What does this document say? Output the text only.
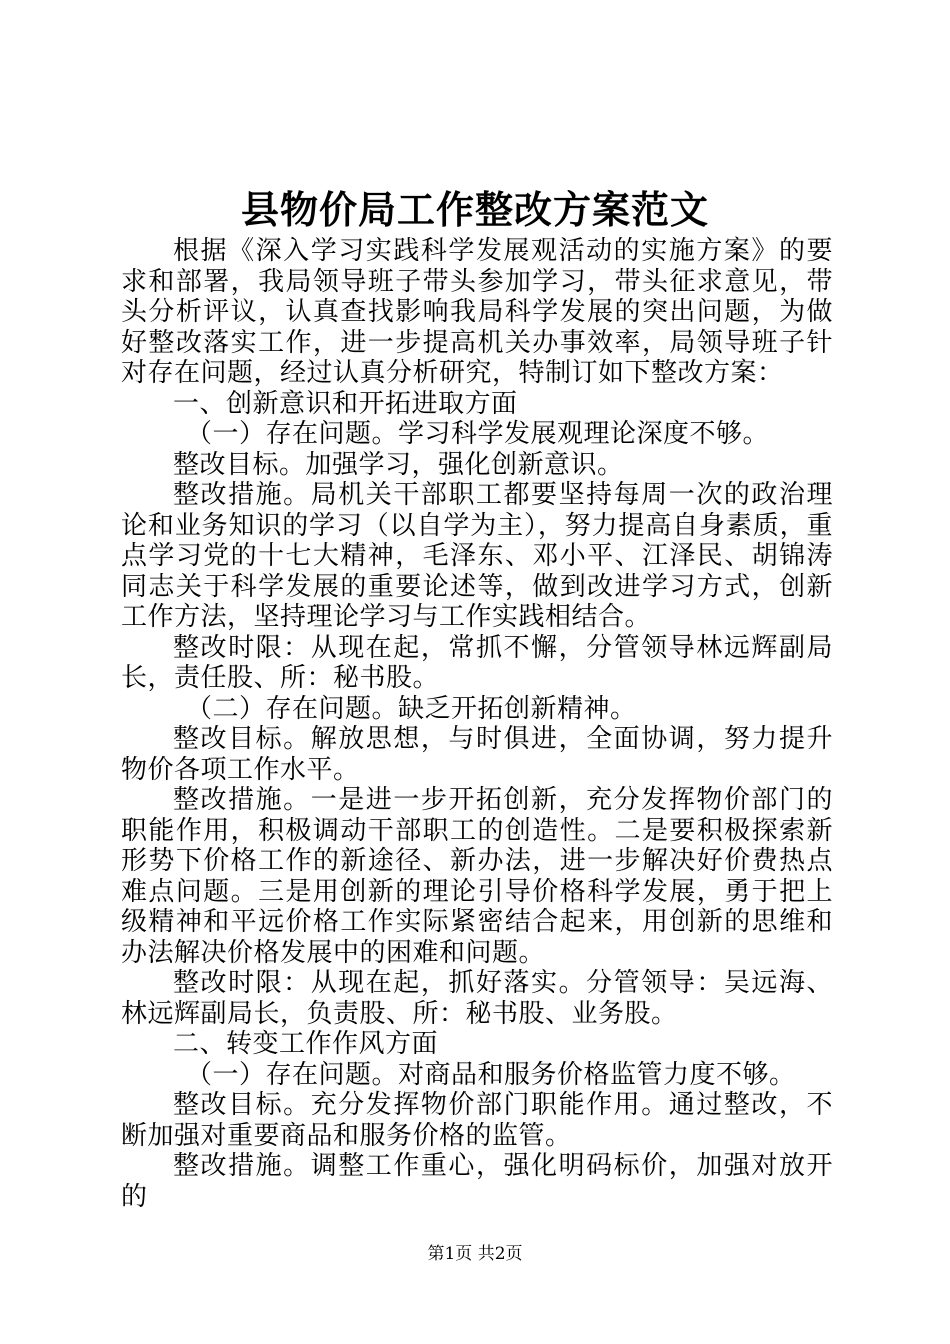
县物价局工作整改方案范文

根据《深入学习实践科学发展观活动的实施方案》的要求和部署，我局领导班子带头参加学习，带头征求意见，带头分析评议，认真查找影响我局科学发展的突出问题，为做好整改落实工作，进一步提高机关办事效率，局领导班子针对存在问题，经过认真分析研究，特制订如下整改方案：

一、创新意识和开拓进取方面

（一）存在问题。学习科学发展观理论深度不够。

整改目标。加强学习，强化创新意识。

整改措施。局机关干部职工都要坚持每周一次的政治理论和业务知识的学习（以自学为主），努力提高自身素质，重点学习党的十七大精神，毛泽东、邓小平、江泽民、胡锦涛同志关于科学发展的重要论述等，做到改进学习方式，创新工作方法，坚持理论学习与工作实践相结合。

整改时限：从现在起，常抓不懈，分管领导林远辉副局长，责任股、所：秘书股。

（二）存在问题。缺乏开拓创新精神。

整改目标。解放思想，与时俱进，全面协调，努力提升物价各项工作水平。

整改措施。一是进一步开拓创新，充分发挥物价部门的职能作用，积极调动干部职工的创造性。二是要积极探索新形势下价格工作的新途径、新办法，进一步解决好价费热点难点问题。三是用创新的理论引导价格科学发展，勇于把上级精神和平远价格工作实际紧密结合起来，用创新的思维和办法解决价格发展中的困难和问题。

整改时限：从现在起，抓好落实。分管领导：吴远海、林远辉副局长，负责股、所：秘书股、业务股。

二、转变工作作风方面

（一）存在问题。对商品和服务价格监管力度不够。

整改目标。充分发挥物价部门职能作用。通过整改，不断加强对重要商品和服务价格的监管。

整改措施。调整工作重心，强化明码标价，加强对放开的

第1页 共2页
